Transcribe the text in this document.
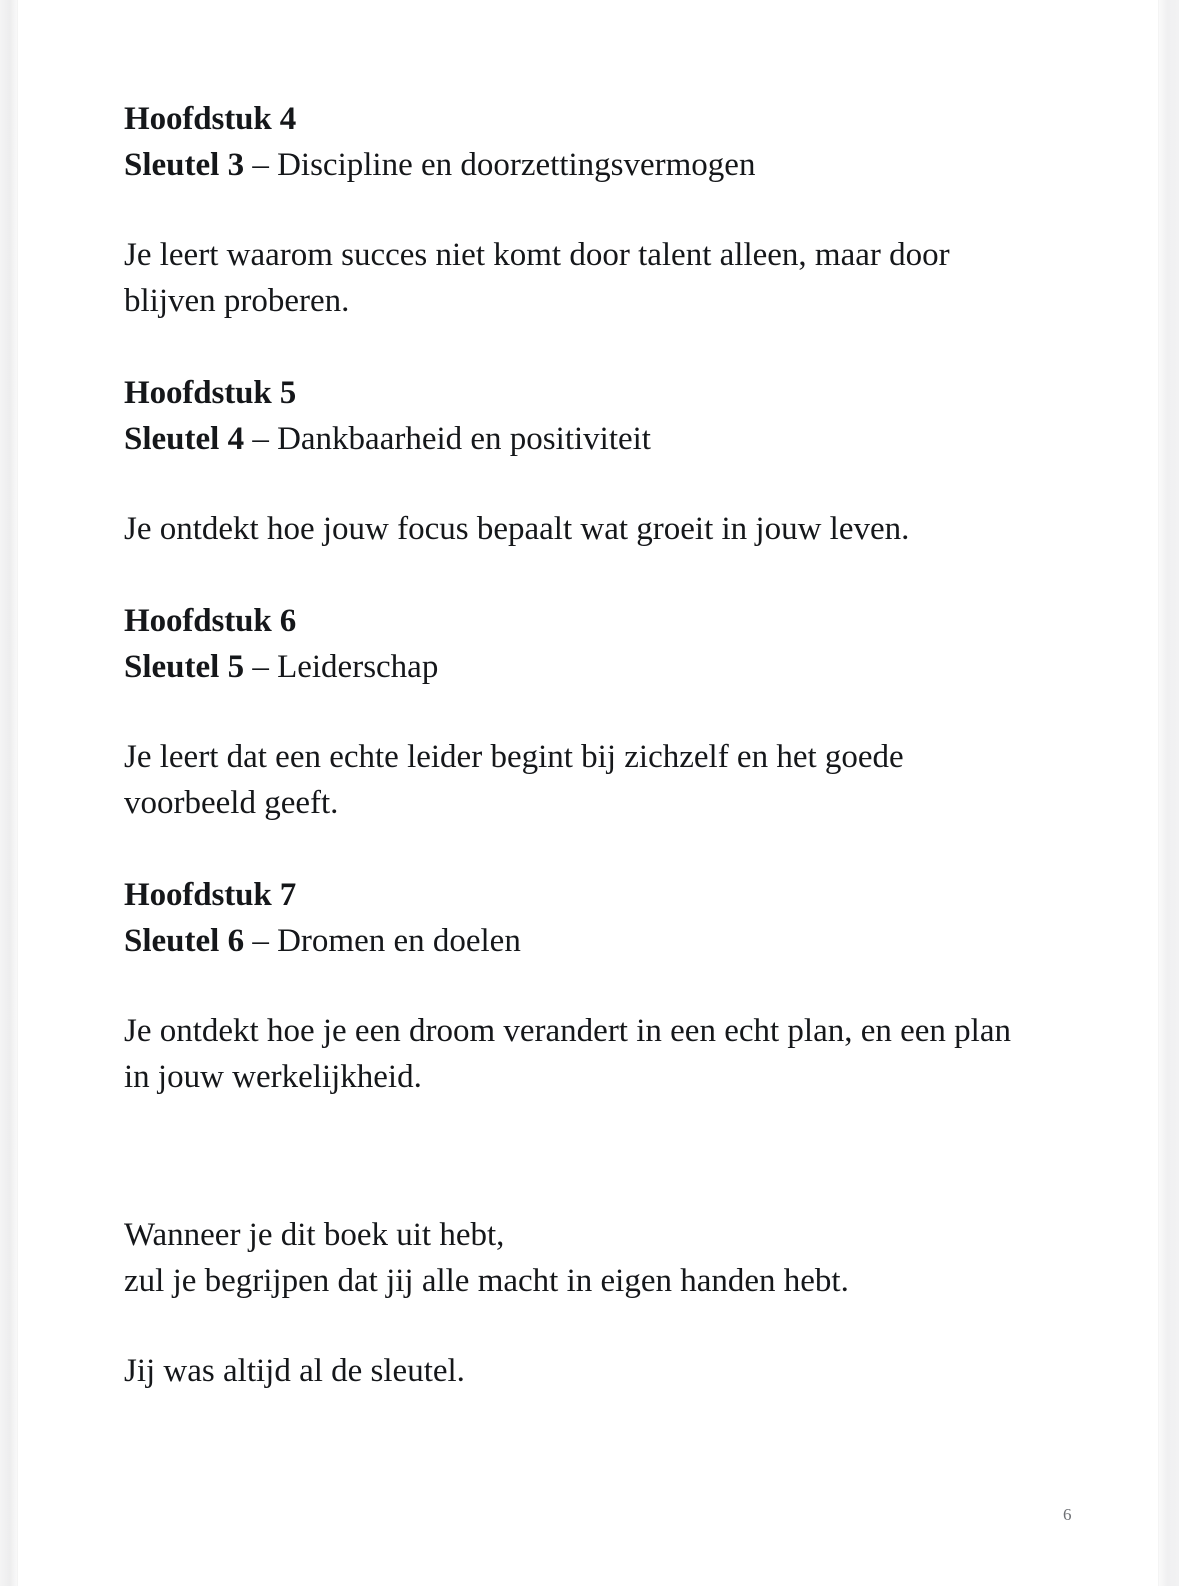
Hoofdstuk 4

Sleutel 3 – Discipline en doorzettingsvermogen

Je leert waarom succes niet komt door talent alleen, maar door blijven proberen.

Hoofdstuk 5

Sleutel 4 – Dankbaarheid en positiviteit

Je ontdekt hoe jouw focus bepaalt wat groeit in jouw leven.

Hoofdstuk 6

Sleutel 5 – Leiderschap

Je leert dat een echte leider begint bij zichzelf en het goede voorbeeld geeft.

Hoofdstuk 7

Sleutel 6 – Dromen en doelen

Je ontdekt hoe je een droom verandert in een echt plan, en een plan in jouw werkelijkheid.

Wanneer je dit boek uit hebt,

zul je begrijpen dat jij alle macht in eigen handen hebt.

Jij was altijd al de sleutel.

6
